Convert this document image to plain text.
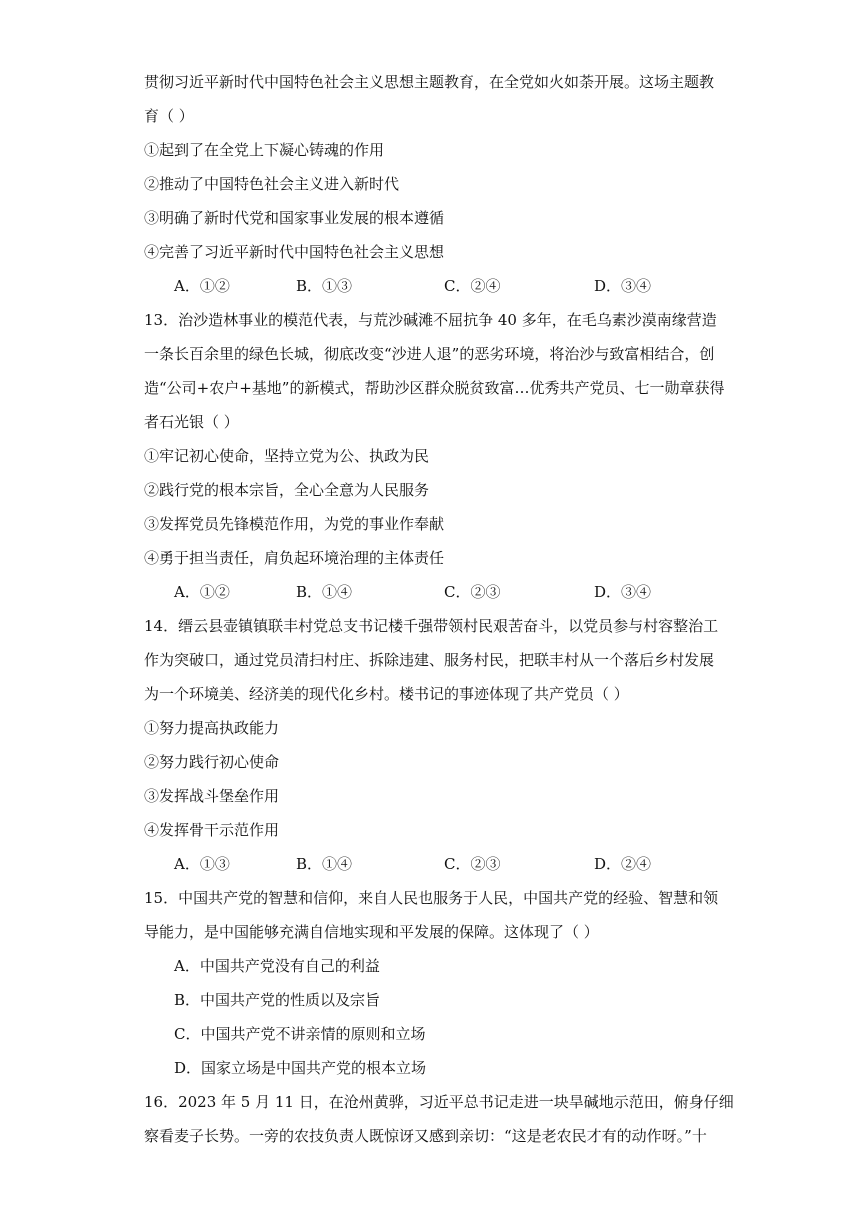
贯彻习近平新时代中国特色社会主义思想主题教育，在全党如火如荼开展。这场主题教
育（ ）
①起到了在全党上下凝心铸魂的作用
②推动了中国特色社会主义进入新时代
③明确了新时代党和国家事业发展的根本遵循
④完善了习近平新时代中国特色社会主义思想
A．①②	B．①③	C．②④	D．③④
13．治沙造林事业的模范代表，与荒沙碱滩不屈抗争 40 多年，在毛乌素沙漠南缘营造
一条长百余里的绿色长城，彻底改变“沙进人退”的恶劣环境，将治沙与致富相结合，创
造“公司+农户+基地”的新模式，帮助沙区群众脱贫致富…优秀共产党员、七一勋章获得
者石光银（ ）
①牢记初心使命，坚持立党为公、执政为民
②践行党的根本宗旨，全心全意为人民服务
③发挥党员先锋模范作用，为党的事业作奉献
④勇于担当责任，肩负起环境治理的主体责任
A．①②	B．①④	C．②③	D．③④
14．缙云县壶镇镇联丰村党总支书记楼千强带领村民艰苦奋斗，以党员参与村容整治工
作为突破口，通过党员清扫村庄、拆除违建、服务村民，把联丰村从一个落后乡村发展
为一个环境美、经济美的现代化乡村。楼书记的事迹体现了共产党员（ ）
①努力提高执政能力
②努力践行初心使命
③发挥战斗堡垒作用
④发挥骨干示范作用
A．①③	B．①④	C．②③	D．②④
15．中国共产党的智慧和信仰，来自人民也服务于人民，中国共产党的经验、智慧和领
导能力，是中国能够充满自信地实现和平发展的保障。这体现了（ ）
A．中国共产党没有自己的利益
B．中国共产党的性质以及宗旨
C．中国共产党不讲亲情的原则和立场
D．国家立场是中国共产党的根本立场
16．2023 年 5 月 11 日，在沧州黄骅，习近平总书记走进一块旱碱地示范田，俯身仔细
察看麦子长势。一旁的农技负责人既惊讶又感到亲切：“这是老农民才有的动作呀。”十
